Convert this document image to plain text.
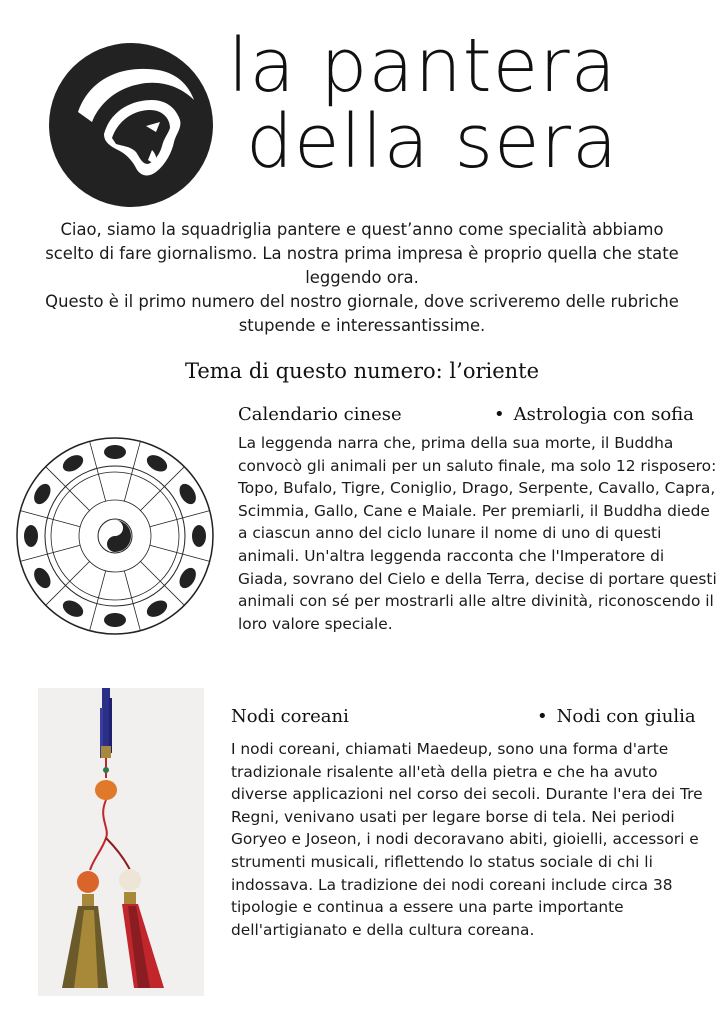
la pantera
della sera

Ciao, siamo la squadriglia pantere e quest’anno come specialità abbiamo scelto di fare giornalismo. La nostra prima impresa è proprio quella che state leggendo ora.

Questo è il primo numero del nostro giornale, dove scriveremo delle rubriche stupende e interessantissime.

Tema di questo numero: l’oriente
Calendario cinese	• Astrologia con sofia

La leggenda narra che, prima della sua morte, il Buddha convocò gli animali per un saluto finale, ma solo 12 risposero: Topo, Bufalo, Tigre, Coniglio, Drago, Serpente, Cavallo, Capra, Scimmia, Gallo, Cane e Maiale. Per premiarli, il Buddha diede a ciascun anno del ciclo lunare il nome di uno di questi animali. Un'altra leggenda racconta che l'Imperatore di Giada, sovrano del Cielo e della Terra, decise di portare questi animali con sé per mostrarli alle altre divinità, riconoscendo il loro valore speciale.

Nodi coreani	• Nodi con giulia

I nodi coreani, chiamati Maedeup, sono una forma d'arte tradizionale risalente all'età della pietra e che ha avuto diverse applicazioni nel corso dei secoli. Durante l'era dei Tre Regni, venivano usati per legare borse di tela. Nei periodi Goryeo e Joseon, i nodi decoravano abiti, gioielli, accessori e strumenti musicali, riflettendo lo status sociale di chi li indossava. La tradizione dei nodi coreani include circa 38 tipologie e continua a essere una parte importante dell'artigianato e della cultura coreana.
